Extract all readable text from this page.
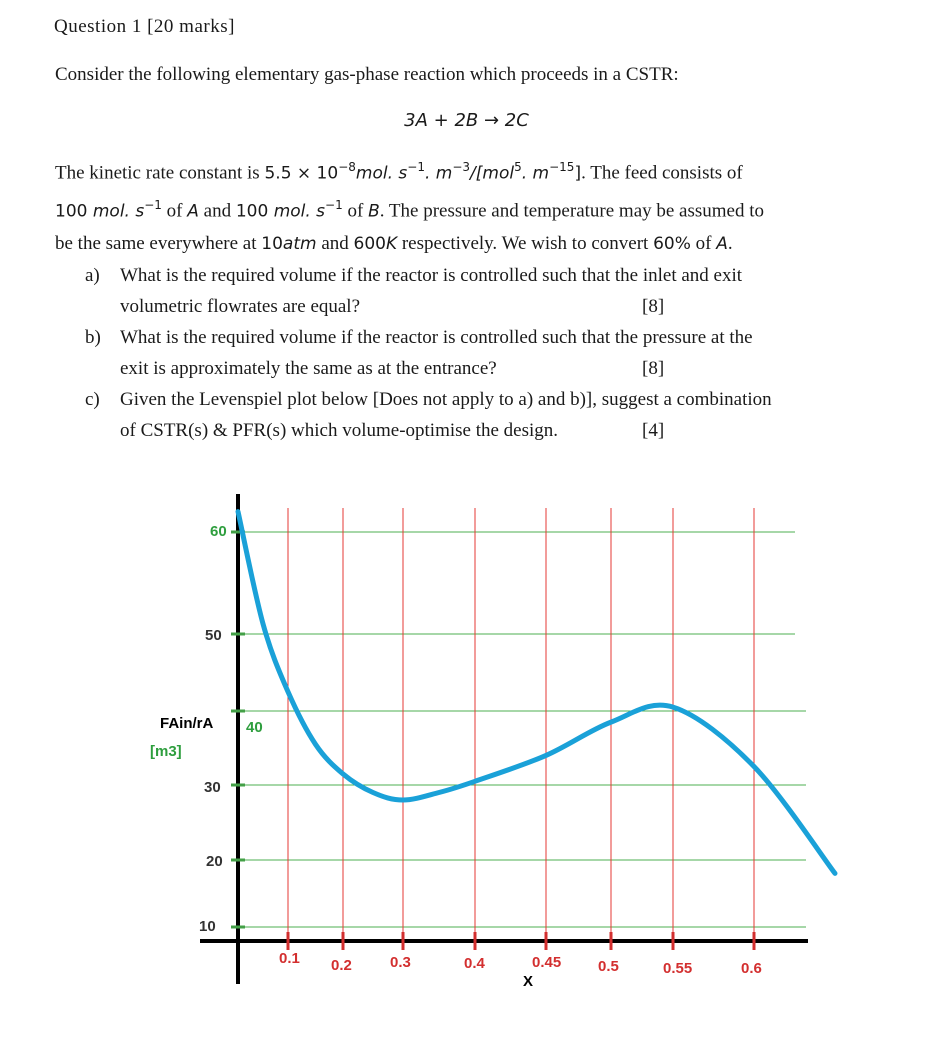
Question 1 [20 marks]
Consider the following elementary gas-phase reaction which proceeds in a CSTR:
3A + 2B → 2C
The kinetic rate constant is $5.5 \times 10^{-8}mol$. $s^{-1}$. $m^{-3}/[mol^5$. $m^{-15}$]. The feed consists of
100 mol. $s^{-1}$ of A and 100 mol. $s^{-1}$ of B. The pressure and temperature may be assumed to
be the same everywhere at 10atm and 600K respectively. We wish to convert 60% of A.
a) What is the required volume if the reactor is controlled such that the inlet and exit
volumetric flowrates are equal?	[8]
b) What is the required volume if the reactor is controlled such that the pressure at the
exit is approximately the same as at the entrance?	[8]
c) Given the Levenspiel plot below [Does not apply to a) and b)], suggest a combination
of CSTR(s) & PFR(s) which volume-optimise the design.	[4]
60
50
40
30
20
10
0.1 0.2	0.3	0.4	0.45 0.5	0.55	0.6
FAin/rA
[m3]
X
